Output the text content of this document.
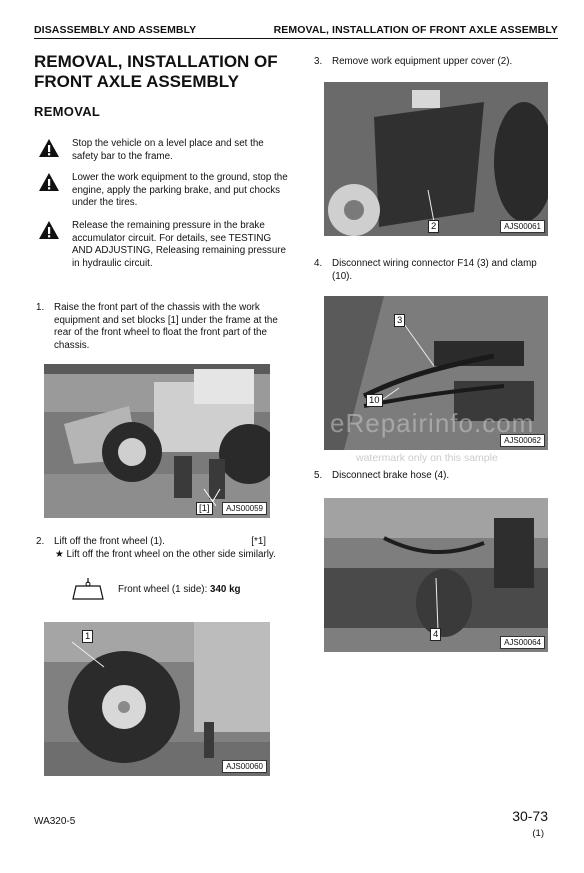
DISASSEMBLY AND ASSEMBLY	REMOVAL, INSTALLATION OF FRONT AXLE ASSEMBLY
REMOVAL, INSTALLATION OF FRONT AXLE ASSEMBLY
REMOVAL
Stop the vehicle on a level place and set the safety bar to the frame.
Lower the work equipment to the ground, stop the engine, apply the parking brake, and put chocks under the tires.
Release the remaining pressure in the brake accumulator circuit. For details, see TESTING AND ADJUSTING, Releasing remaining pressure in hydraulic circuit.
1. Raise the front part of the chassis with the work equipment and set blocks [1] under the frame at the rear of the front wheel to float the front part of the chassis.
[1]	AJS00059
2. Lift off the front wheel (1).	[*1]
★ Lift off the front wheel on the other side similarly.
Front wheel (1 side): 340 kg
1
AJS00060
3. Remove work equipment upper cover (2).
2	AJS00061
4. Disconnect wiring connector F14 (3) and clamp (10).
3
10
AJS00062
eRepairinfo.com
watermark only on this sample
5. Disconnect brake hose (4).
4
AJS00064
WA320-5	30-73
(1)
